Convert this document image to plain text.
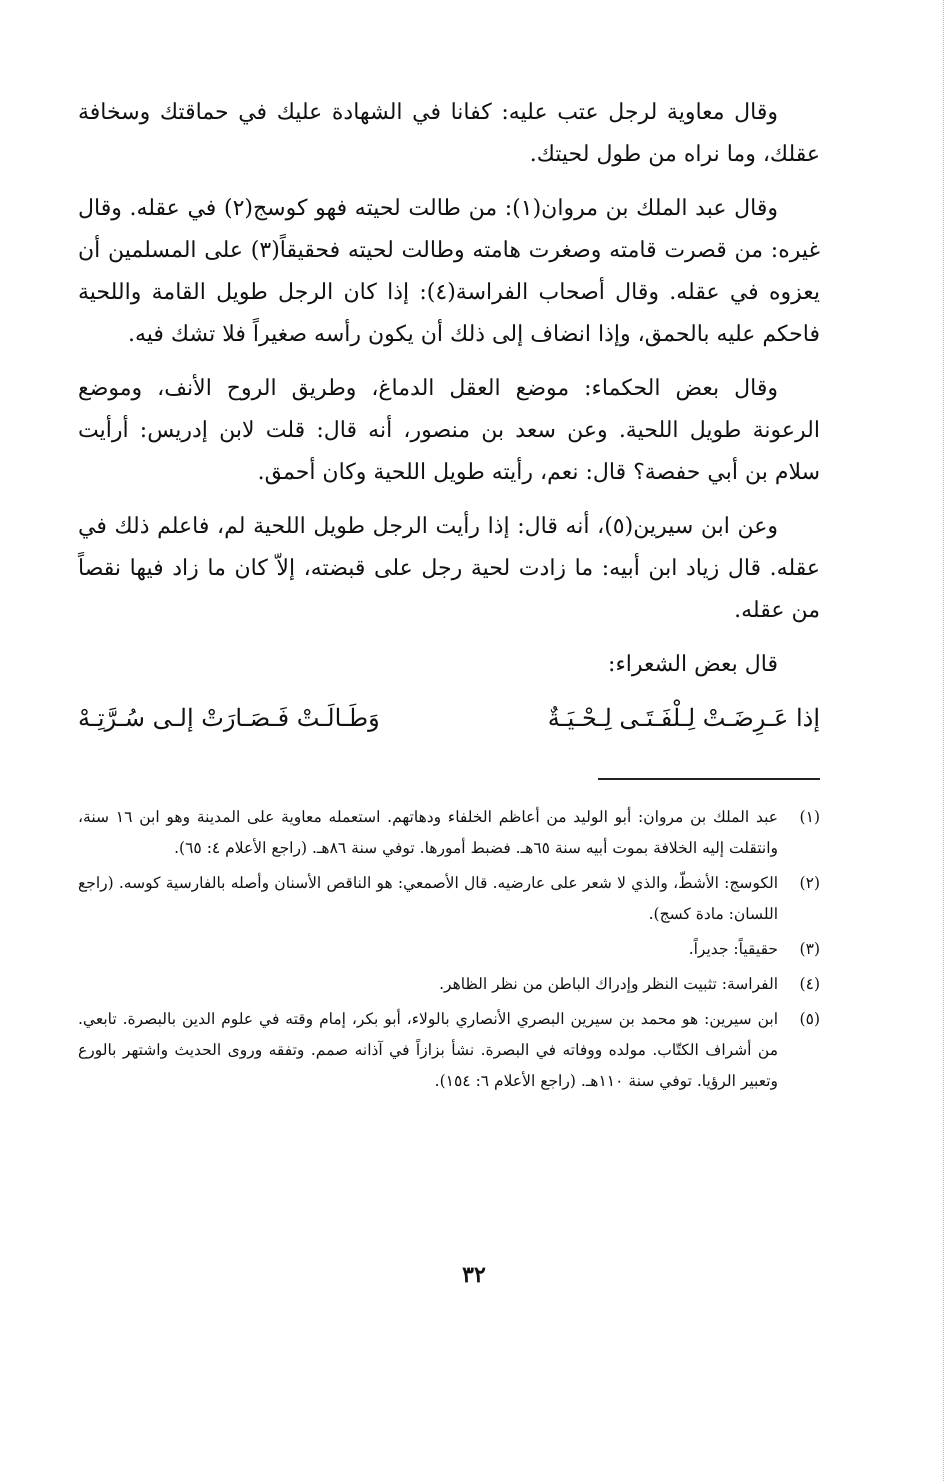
وقال معاوية لرجل عتب عليه: كفانا في الشهادة عليك في حماقتك وسخافة عقلك، وما نراه من طول لحيتك.

وقال عبد الملك بن مروان(١): من طالت لحيته فهو كوسج(٢) في عقله. وقال غيره: من قصرت قامته وصغرت هامته وطالت لحيته فحقيقاً(٣) على المسلمين أن يعزوه في عقله. وقال أصحاب الفراسة(٤): إذا كان الرجل طويل القامة واللحية فاحكم عليه بالحمق، وإذا انضاف إلى ذلك أن يكون رأسه صغيراً فلا تشك فيه.

وقال بعض الحكماء: موضع العقل الدماغ، وطريق الروح الأنف، وموضع الرعونة طويل اللحية. وعن سعد بن منصور، أنه قال: قلت لابن إدريس: أرأيت سلام بن أبي حفصة؟ قال: نعم، رأيته طويل اللحية وكان أحمق.

وعن ابن سيرين(٥)، أنه قال: إذا رأيت الرجل طويل اللحية لم، فاعلم ذلك في عقله. قال زياد ابن أبيه: ما زادت لحية رجل على قبضته، إلاّ كان ما زاد فيها نقصاً من عقله.

قال بعض الشعراء:
إذا عَـرِضَـتْ لِـلْفَـتَـى لِـحْـيَـةٌ
وَطَـالَـتْ فَـصَـارَتْ إلـى سُـرَّتِـهْ
(١)
عبد الملك بن مروان: أبو الوليد من أعاظم الخلفاء ودهاتهم. استعمله معاوية على المدينة وهو ابن ١٦ سنة، وانتقلت إليه الخلافة بموت أبيه سنة ٦٥هـ. فضبط أمورها. توفي سنة ٨٦هـ. (راجع الأعلام ٤: ٦٥).
(٢)
الكوسج: الأشطّ، والذي لا شعر على عارضيه. قال الأصمعي: هو الناقص الأسنان وأصله بالفارسية كوسه. (راجع اللسان: مادة كسج).
(٣)
حقيقياً: جديراً.
(٤)
الفراسة: تثبيت النظر وإدراك الباطن من نظر الظاهر.
(٥)
ابن سيرين: هو محمد بن سيرين البصري الأنصاري بالولاء، أبو بكر، إمام وقته في علوم الدين بالبصرة. تابعي. من أشراف الكتّاب. مولده ووفاته في البصرة. نشأ بزازاً في آذانه صمم. وتفقه وروى الحديث واشتهر بالورع وتعبير الرؤيا. توفي سنة ١١٠هـ. (راجع الأعلام ٦: ١٥٤).
٣٢
